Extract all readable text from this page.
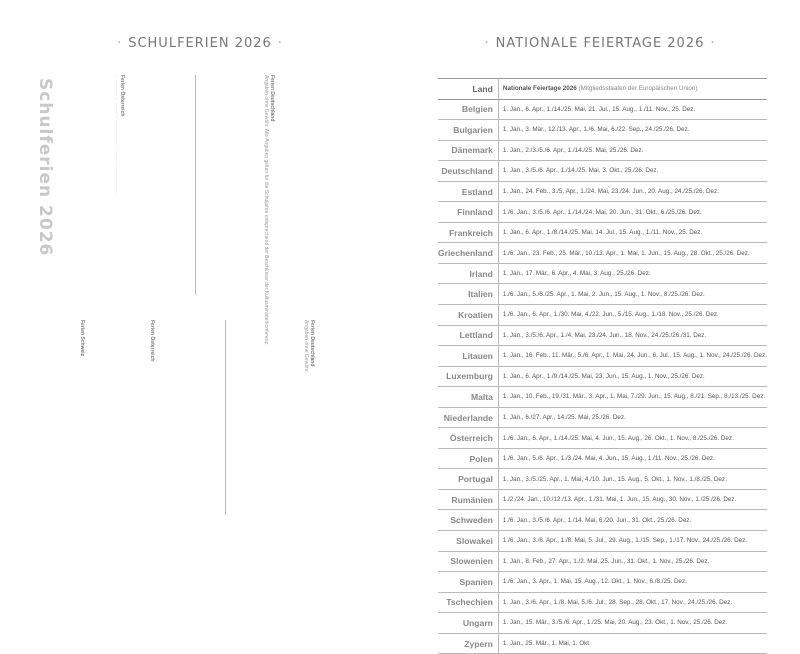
· SCHULFERIEN 2026 ·
Schulferien 2026	Ferien Österreich
·· ·· ···· ·· ·· ···· ·· ·· ···· ·· ·· ···· ·· ·· ···· ·· ·· ···· ·· ·· ····	Ferien Deutschland
Angaben ohne Gewähr. Alle Angaben gelten für die Schuljahre entsprechend der Beschlüsse der Kultusministerkonferenz.
Ferien Schweiz	Ferien Österreich	Ferien Deutschland
Angaben ohne Gewähr.
· NATIONALE FEIERTAGE 2026 ·
Land	Nationale Feiertage 2026 (Mitgliedsstaaten der Europäischen Union)
Belgien	1. Jan., 6. Apr., 1./14./25. Mai, 21. Jul., 15. Aug., 1./11. Nov., 25. Dez.
Bulgarien	1. Jan., 3. Mär., 12./13. Apr., 1./6. Mai, 6./22. Sep., 24./25./26. Dez.
Dänemark	1. Jan., 2./3./5./6. Apr., 1./14./25. Mai, 25./26. Dez.
Deutschland	1. Jan., 3./5./6. Apr., 1./14./25. Mai, 3. Okt., 25./26. Dez.
Estland	1. Jan., 24. Feb., 3./5. Apr., 1./24. Mai, 23./24. Jun., 20. Aug., 24./25./26. Dez.
Finnland	1./6. Jan., 3./5./6. Apr., 1./14./24. Mai, 20. Jun., 31. Okt., 6./25./26. Dez.
Frankreich	1. Jan., 6. Apr., 1./8./14./25. Mai, 14. Jul., 15. Aug., 1./11. Nov., 25. Dez.
Griechenland	1./6. Jan., 23. Feb., 25. Mär., 10./13. Apr., 1. Mai, 1. Jun., 15. Aug., 28. Okt., 25./26. Dez.
Irland	1. Jan., 17. Mär., 6. Apr., 4. Mai, 3. Aug., 25./26. Dez.
Italien	1./6. Jan., 5./6./25. Apr., 1. Mai, 2. Jun., 15. Aug., 1. Nov., 8./25./26. Dez.
Kroatien	1./6. Jan., 6. Apr., 1./30. Mai, 4./22. Jun., 5./15. Aug., 1./18. Nov., 25./26. Dez.
Lettland	1. Jan., 3./5./6. Apr., 1./4. Mai, 23./24. Jun., 18. Nov., 24./25./26./31. Dez.
Litauen	1. Jan., 16. Feb., 11. Mär., 5./6. Apr., 1. Mai, 24. Jun., 6. Jul., 15. Aug., 1. Nov., 24./25./26. Dez.
Luxemburg	1. Jan., 6. Apr., 1./9./14./25. Mai, 23. Jun., 15. Aug., 1. Nov., 25./26. Dez.
Malta	1. Jan., 10. Feb., 19./31. Mär., 3. Apr., 1. Mai, 7./29. Jun., 15. Aug., 8./21. Sep., 8./13./25. Dez.
Niederlande	1. Jan., 6./27. Apr., 14./25. Mai, 25./26. Dez.
Österreich	1./6. Jan., 6. Apr., 1./14./25. Mai, 4. Jun., 15. Aug., 26. Okt., 1. Nov., 8./25./26. Dez.
Polen	1./6. Jan., 5./6. Apr., 1./3./24. Mai, 4. Jun., 15. Aug., 1./11. Nov., 25./26. Dez.
Portugal	1. Jan., 3./5./25. Apr., 1. Mai, 4./10. Jun., 15. Aug., 5. Okt., 1. Nov., 1./8./25. Dez.
Rumänien	1./2./24. Jan., 10./12./13. Apr., 1./31. Mai, 1. Jun., 15. Aug., 30. Nov., 1./25./26. Dez.
Schweden	1./6. Jan., 3./5./6. Apr., 1./14. Mai, 6./20. Jun., 31. Okt., 25./26. Dez.
Slowakei	1./6. Jan., 3./6. Apr., 1./8. Mai, 5. Jul., 29. Aug., 1./15. Sep., 1./17. Nov., 24./25./26. Dez.
Slowenien	1. Jan., 8. Feb., 27. Apr., 1./2. Mai, 25. Jun., 31. Okt., 1. Nov., 25./26. Dez.
Spanien	1./6. Jan., 3. Apr., 1. Mai, 15. Aug., 12. Okt., 1. Nov., 6./8./25. Dez.
Tschechien	1. Jan., 3./6. Apr., 1./8. Mai, 5./6. Jul., 28. Sep., 28. Okt., 17. Nov., 24./25./26. Dez.
Ungarn	1. Jan., 15. Mär., 3./5./6. Apr., 1./25. Mai, 20. Aug., 23. Okt., 1. Nov., 25./26. Dez.
Zypern	1. Jan., 25. Mär., 1. Mai, 1. Okt.
